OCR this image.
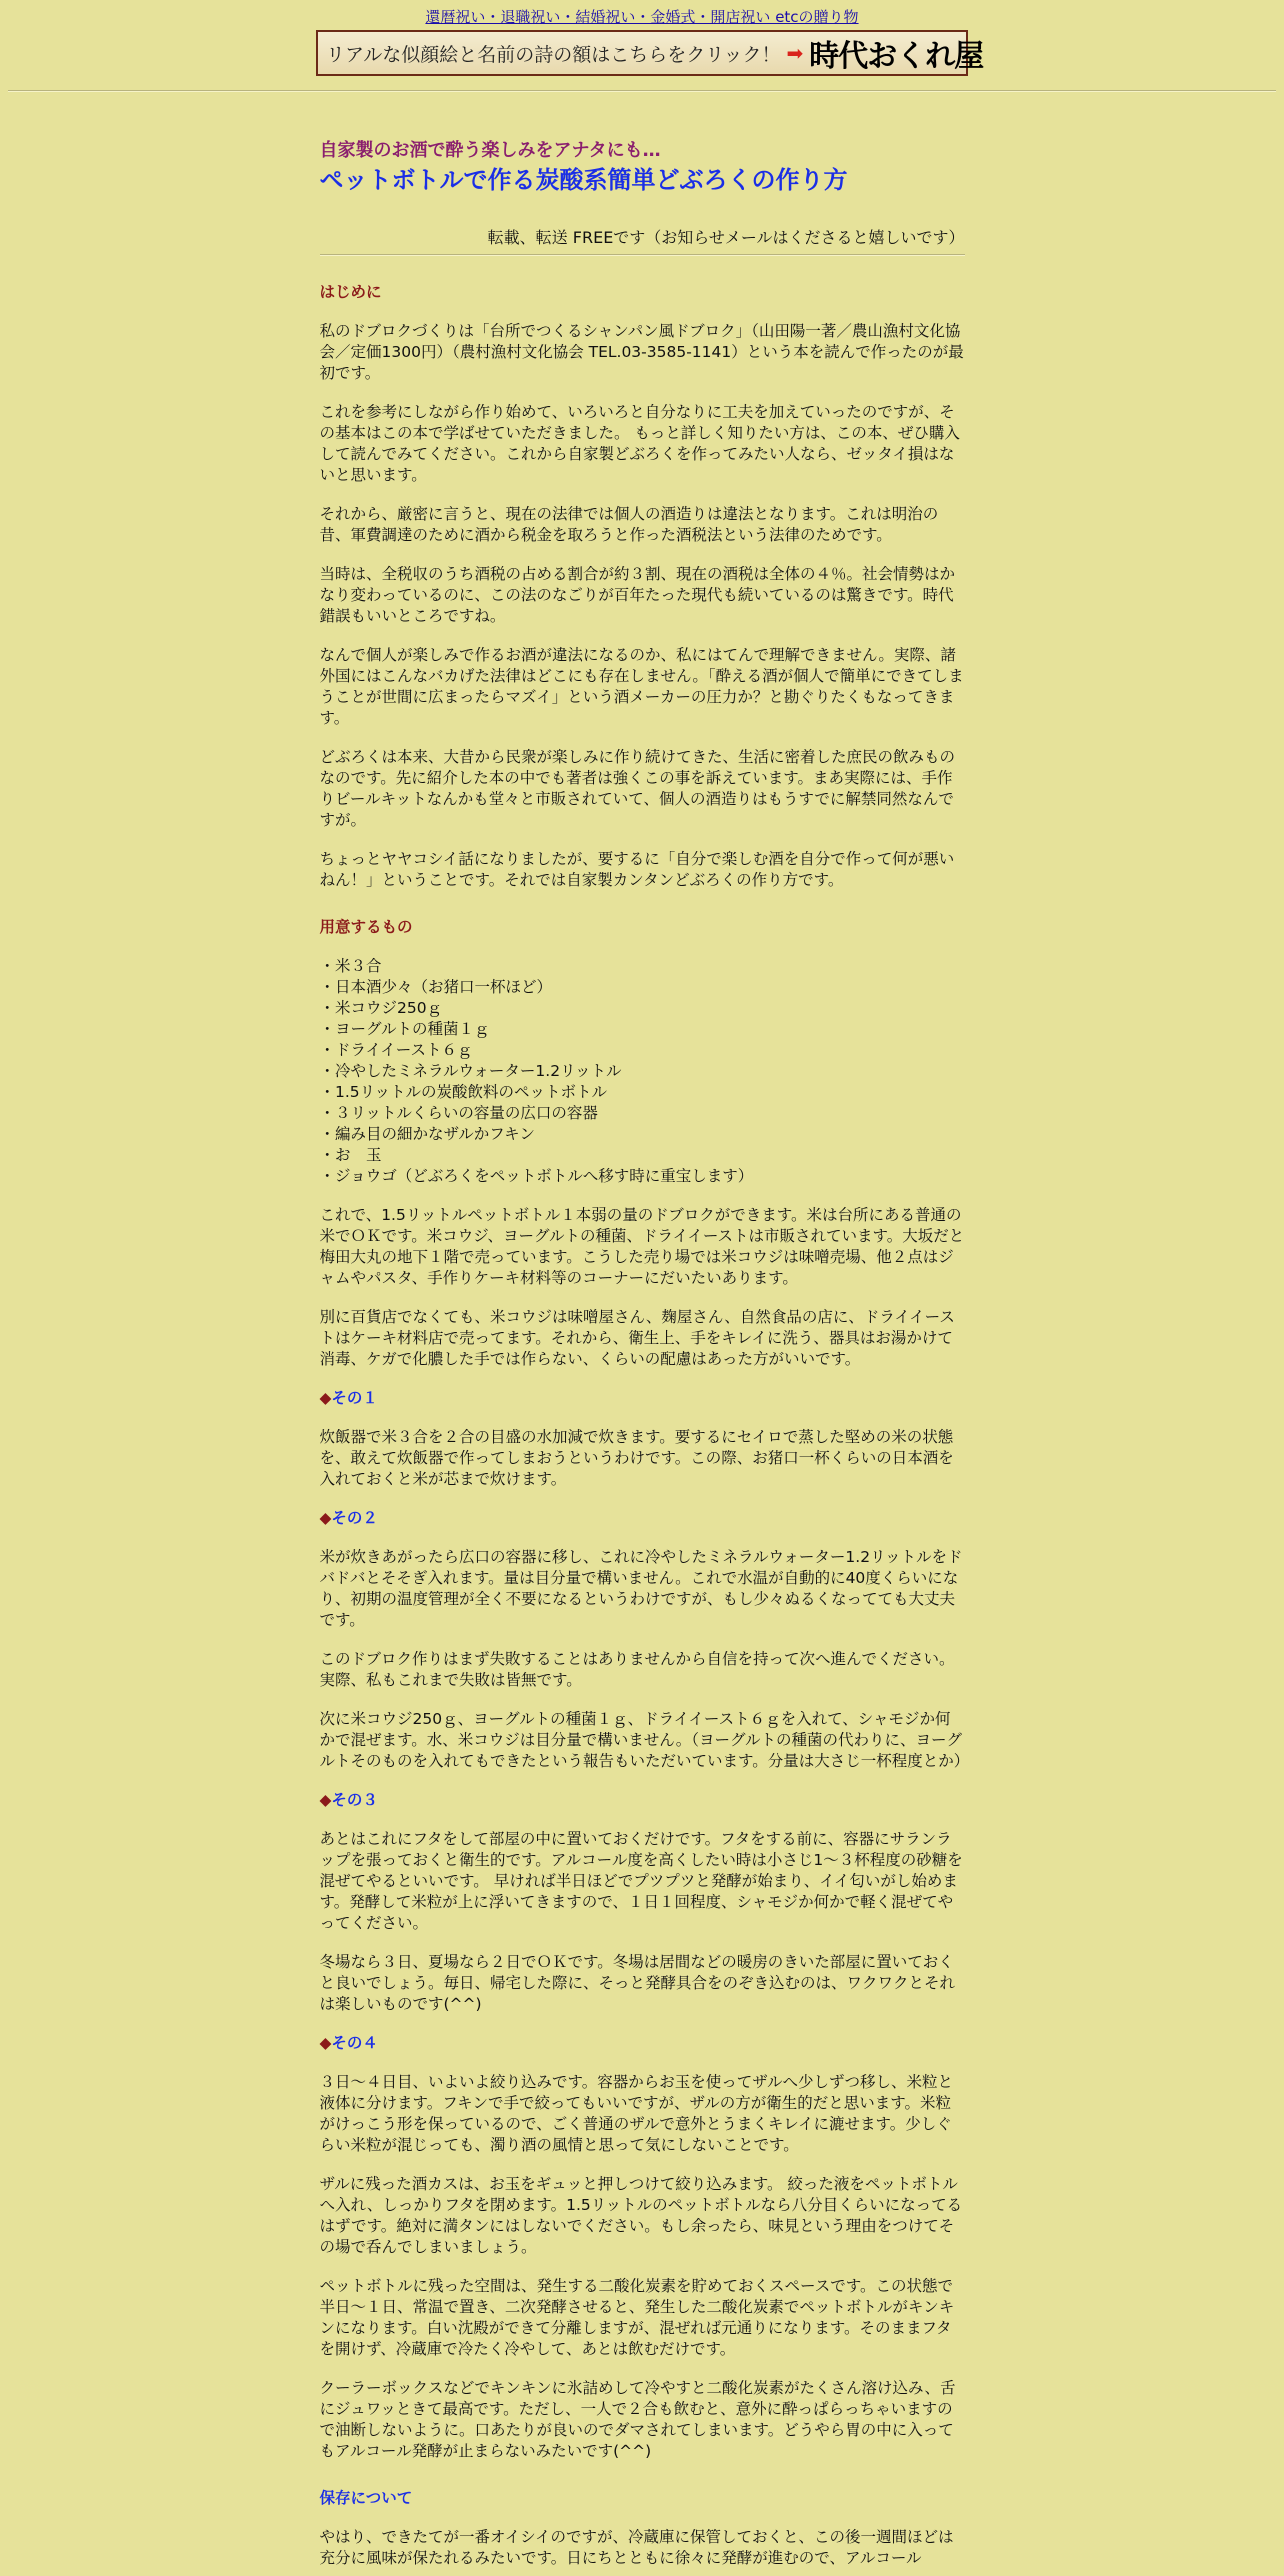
還暦祝い・退職祝い・結婚祝い・金婚式・開店祝い etcの贈り物
リアルな似顔絵と名前の詩の額はこちらをクリック！ ➡ 時代おくれ屋
自家製のお酒で酔う楽しみをアナタにも…
ペットボトルで作る炭酸系簡単どぶろくの作り方
転載、転送 FREEです（お知らせメールはくださると嬉しいです）
はじめに

私のドブロクづくりは「台所でつくるシャンパン風ドブロク」（山田陽一著／農山漁村文化協会／定価1300円）（農村漁村文化協会 TEL.03-3585-1141）という本を読んで作ったのが最初です。

これを参考にしながら作り始めて、いろいろと自分なりに工夫を加えていったのですが、その基本はこの本で学ばせていただきました。 もっと詳しく知りたい方は、この本、ぜひ購入して読んでみてください。これから自家製どぶろくを作ってみたい人なら、ゼッタイ損はないと思います。

それから、厳密に言うと、現在の法律では個人の酒造りは違法となります。これは明治の昔、軍費調達のために酒から税金を取ろうと作った酒税法という法律のためです。

当時は、全税収のうち酒税の占める割合が約３割、現在の酒税は全体の４％。社会情勢はかなり変わっているのに、この法のなごりが百年たった現代も続いているのは驚きです。時代錯誤もいいところですね。

なんで個人が楽しみで作るお酒が違法になるのか、私にはてんで理解できません。実際、諸外国にはこんなバカげた法律はどこにも存在しません。「酔える酒が個人で簡単にできてしまうことが世間に広まったらマズイ」という酒メーカーの圧力か？と勘ぐりたくもなってきます。

どぶろくは本来、大昔から民衆が楽しみに作り続けてきた、生活に密着した庶民の飲みものなのです。先に紹介した本の中でも著者は強くこの事を訴えています。まあ実際には、手作りビールキットなんかも堂々と市販されていて、個人の酒造りはもうすでに解禁同然なんですが。

ちょっとヤヤコシイ話になりましたが、要するに「自分で楽しむ酒を自分で作って何が悪いねん！」ということです。それでは自家製カンタンどぶろくの作り方です。

用意するもの
・ 米３合
・ 日本酒少々（お猪口一杯ほど）
・ 米コウジ250ｇ
・ ヨーグルトの種菌１ｇ
・ ドライイースト６ｇ
・ 冷やしたミネラルウォーター1.2リットル
・ 1.5リットルの炭酸飲料のペットボトル
・ ３リットルくらいの容量の広口の容器
・ 編み目の細かなザルかフキン
・ お　玉
・ ジョウゴ（どぶろくをペットボトルへ移す時に重宝します）

これで、1.5リットルペットボトル１本弱の量のドブロクができます。米は台所にある普通の米でＯＫです。米コウジ、ヨーグルトの種菌、ドライイーストは市販されています。大坂だと梅田大丸の地下１階で売っています。こうした売り場では米コウジは味噌売場、他２点はジャムやパスタ、手作りケーキ材料等のコーナーにだいたいあります。

別に百貨店でなくても、米コウジは味噌屋さん、麹屋さん、自然食品の店に、ドライイーストはケーキ材料店で売ってます。それから、衛生上、手をキレイに洗う、器具はお湯かけて消毒、ケガで化膿した手では作らない、くらいの配慮はあった方がいいです。

◆その１

炊飯器で米３合を２合の目盛の水加減で炊きます。要するにセイロで蒸した堅めの米の状態を、敢えて炊飯器で作ってしまおうというわけです。この際、お猪口一杯くらいの日本酒を入れておくと米が芯まで炊けます。

◆その２

米が炊きあがったら広口の容器に移し、これに冷やしたミネラルウォーター1.2リットルをドバドバとそそぎ入れます。量は目分量で構いません。これで水温が自動的に40度くらいになり、初期の温度管理が全く不要になるというわけですが、もし少々ぬるくなってても大丈夫です。

このドブロク作りはまず失敗することはありませんから自信を持って次へ進んでください。実際、私もこれまで失敗は皆無です。

次に米コウジ250ｇ、ヨーグルトの種菌１ｇ、ドライイースト６ｇを入れて、シャモジか何かで混ぜます。水、米コウジは目分量で構いません。（ヨーグルトの種菌の代わりに、ヨーグルトそのものを入れてもできたという報告もいただいています。分量は大さじ一杯程度とか）

◆その３

あとはこれにフタをして部屋の中に置いておくだけです。フタをする前に、容器にサランラップを張っておくと衛生的です。アルコール度を高くしたい時は小さじ1～３杯程度の砂糖を混ぜてやるといいです。 早ければ半日ほどでプツプツと発酵が始まり、イイ匂いがし始めます。発酵して米粒が上に浮いてきますので、１日１回程度、シャモジか何かで軽く混ぜてやってください。

冬場なら３日、夏場なら２日でＯＫです。冬場は居間などの暖房のきいた部屋に置いておくと良いでしょう。毎日、帰宅した際に、そっと発酵具合をのぞき込むのは、ワクワクとそれは楽しいものです(^^)

◆その４

３日～４日目、いよいよ絞り込みです。容器からお玉を使ってザルへ少しずつ移し、米粒と液体に分けます。フキンで手で絞ってもいいですが、ザルの方が衛生的だと思います。米粒がけっこう形を保っているので、ごく普通のザルで意外とうまくキレイに漉せます。少しぐらい米粒が混じっても、濁り酒の風情と思って気にしないことです。

ザルに残った酒カスは、お玉をギュッと押しつけて絞り込みます。 絞った液をペットボトルへ入れ、しっかりフタを閉めます。1.5リットルのペットボトルなら八分目くらいになってるはずです。絶対に満タンにはしないでください。もし余ったら、味見という理由をつけてその場で呑んでしまいましょう。

ペットボトルに残った空間は、発生する二酸化炭素を貯めておくスペースです。この状態で半日～１日、常温で置き、二次発酵させると、発生した二酸化炭素でペットボトルがキンキンになります。白い沈殿ができて分離しますが、混ぜれば元通りになります。そのままフタを開けず、冷蔵庫で冷たく冷やして、あとは飲むだけです。

クーラーボックスなどでキンキンに氷詰めして冷やすと二酸化炭素がたくさん溶け込み、舌にジュワッときて最高です。ただし、一人で２合も飲むと、意外に酔っぱらっちゃいますので油断しないように。口あたりが良いのでダマされてしまいます。どうやら胃の中に入ってもアルコール発酵が止まらないみたいです(^^)

保存について

やはり、できたてが一番オイシイのですが、冷蔵庫に保管しておくと、この後一週間ほどは充分に風味が保たれるみたいです。日にちとともに徐々に発酵が進むので、アルコール
